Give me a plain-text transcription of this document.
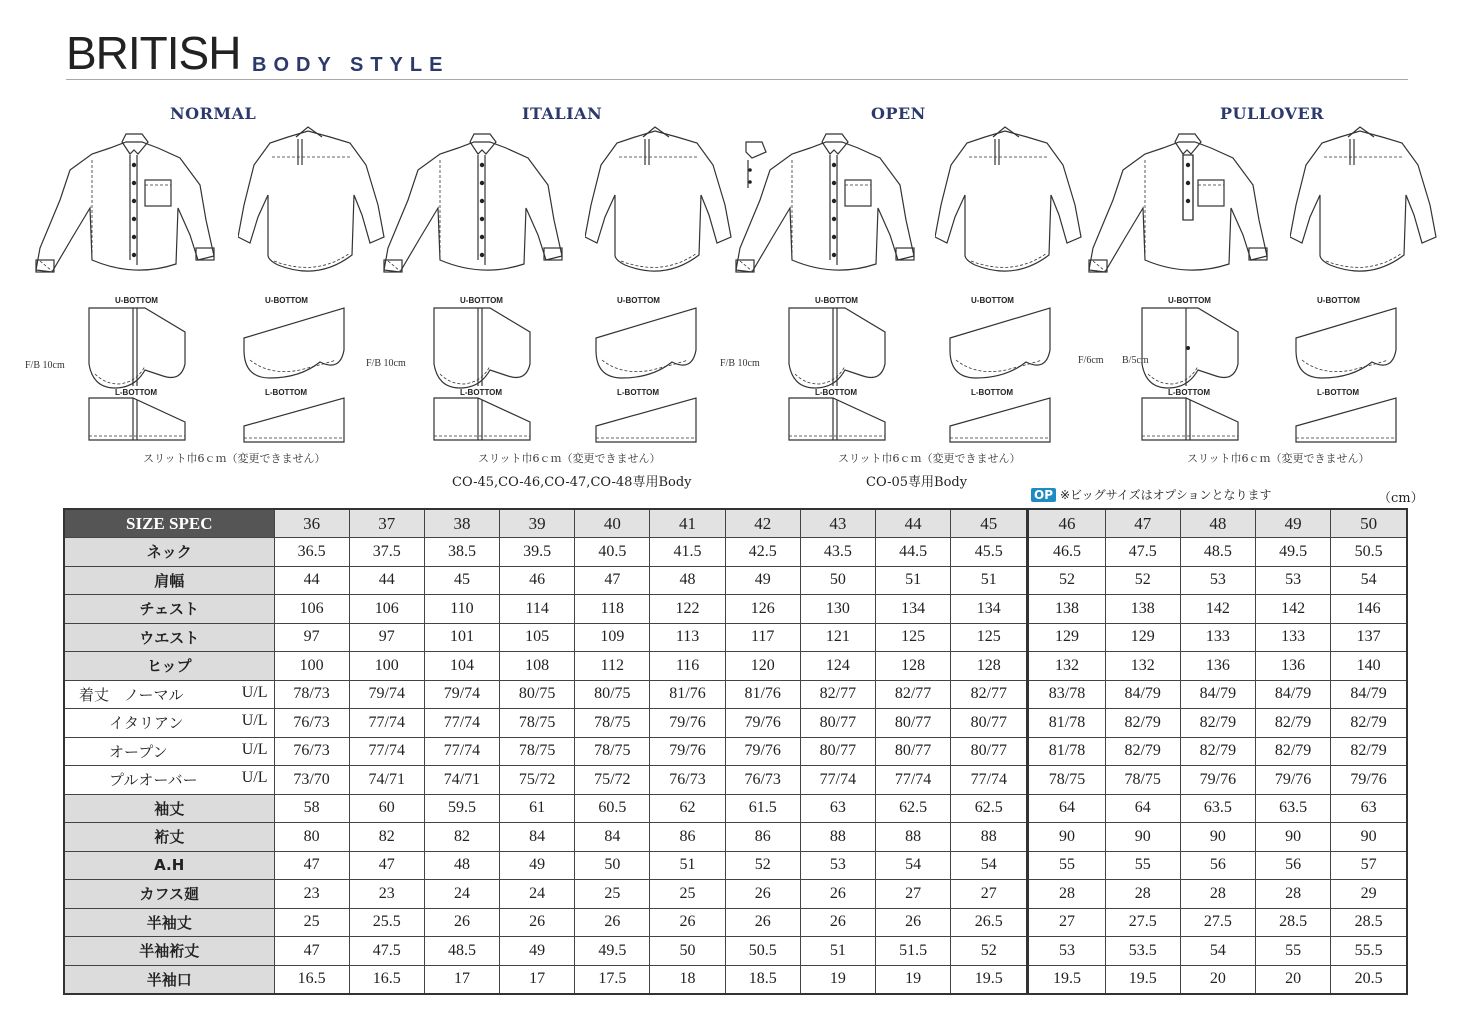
BRITISH BODY STYLE
NORMAL
U-BOTTOM	U-BOTTOM
F/B 10cm
L-BOTTOM	L-BOTTOM
スリット巾6ｃｍ（変更できません）
ITALIAN
U-BOTTOM	U-BOTTOM
F/B 10cm
L-BOTTOM	L-BOTTOM
スリット巾6ｃｍ（変更できません）
CO-45,CO-46,CO-47,CO-48専用Body
OPEN
U-BOTTOM	U-BOTTOM
F/B 10cm
L-BOTTOM	L-BOTTOM
スリット巾6ｃｍ（変更できません）
CO-05専用Body
PULLOVER
U-BOTTOM	U-BOTTOM
F/6cm B/5cm
L-BOTTOM	L-BOTTOM
スリット巾6ｃｍ（変更できません）
OP ※ビッグサイズはオプションとなります	（cm）
SIZE SPEC	36	37	38	39	40	41	42	43	44	45	46	47	48	49	50
ネック	36.5	37.5	38.5	39.5	40.5	41.5	42.5	43.5	44.5	45.5	46.5	47.5	48.5	49.5	50.5
肩幅	44	44	45	46	47	48	49	50	51	51	52	52	53	53	54
チェスト	106	106	110	114	118	122	126	130	134	134	138	138	142	142	146
ウエスト	97	97	101	105	109	113	117	121	125	125	129	129	133	133	137
ヒップ	100	100	104	108	112	116	120	124	128	128	132	132	136	136	140
着丈　ノーマル U/L	78/73	79/74	79/74	80/75	80/75	81/76	81/76	82/77	82/77	82/77	83/78	84/79	84/79	84/79	84/79
　　イタリアン U/L	76/73	77/74	77/74	78/75	78/75	79/76	79/76	80/77	80/77	80/77	81/78	82/79	82/79	82/79	82/79
　　オープン U/L	76/73	77/74	77/74	78/75	78/75	79/76	79/76	80/77	80/77	80/77	81/78	82/79	82/79	82/79	82/79
　　プルオーバー U/L	73/70	74/71	74/71	75/72	75/72	76/73	76/73	77/74	77/74	77/74	78/75	78/75	79/76	79/76	79/76
袖丈	58	60	59.5	61	60.5	62	61.5	63	62.5	62.5	64	64	63.5	63.5	63
裄丈	80	82	82	84	84	86	86	88	88	88	90	90	90	90	90
A.H	47	47	48	49	50	51	52	53	54	54	55	55	56	56	57
カフス廻	23	23	24	24	25	25	26	26	27	27	28	28	28	28	29
半袖丈	25	25.5	26	26	26	26	26	26	26	26.5	27	27.5	27.5	28.5	28.5
半袖裄丈	47	47.5	48.5	49	49.5	50	50.5	51	51.5	52	53	53.5	54	55	55.5
半袖口	16.5	16.5	17	17	17.5	18	18.5	19	19	19.5	19.5	19.5	20	20	20.5
